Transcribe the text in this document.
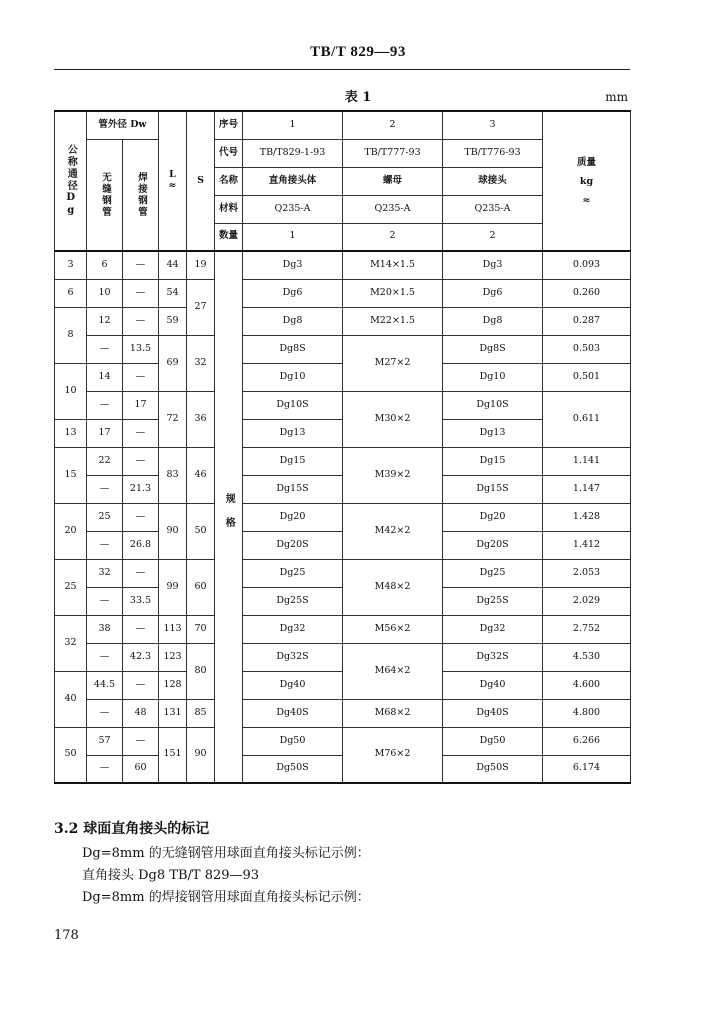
TB/T 829—93
表 1	mm
公称通径Dg	管外径 Dw		L
≈	S	序号	1	2	3	质量
kg
≈

	无缝钢管	焊接钢管			代号	TB/T829-1-93	TB/T777-93	TB/T776-93	
					名称	直角接头体	螺母	球接头	
					材料	Q235-A	Q235-A	Q235-A	
					数量	1	2	2	
3	6	—	44	19	规格	Dg3	M14×1.5	Dg3	0.093
6	10	—	54	27		Dg6	M20×1.5	Dg6	0.260
8	12	—	59			Dg8	M22×1.5	Dg8	0.287
	—	13.5	69	32		Dg8S	M27×2	Dg8S	0.503
10	14	—				Dg10		Dg10	0.501
	—	17	72	36		Dg10S	M30×2	Dg10S	0.611
13	17	—				Dg13		Dg13	
15	22	—	83	46		Dg15	M39×2	Dg15	1.141
	—	21.3				Dg15S		Dg15S	1.147
20	25	—	90	50		Dg20	M42×2	Dg20	1.428
	—	26.8				Dg20S		Dg20S	1.412
25	32	—	99	60		Dg25	M48×2	Dg25	2.053
	—	33.5				Dg25S		Dg25S	2.029
32	38	—	113	70		Dg32	M56×2	Dg32	2.752
	—	42.3	123	80		Dg32S	M64×2	Dg32S	4.530
40	44.5	—	128			Dg40		Dg40	4.600
	—	48	131	85		Dg40S	M68×2	Dg40S	4.800
50	57	—	151	90		Dg50	M76×2	Dg50	6.266
	—	60				Dg50S		Dg50S	6.174
3.2 球面直角接头的标记
Dg=8mm 的无缝钢管用球面直角接头标记示例：
直角接头 Dg8 TB/T 829—93
Dg=8mm 的焊接钢管用球面直角接头标记示例：
178
